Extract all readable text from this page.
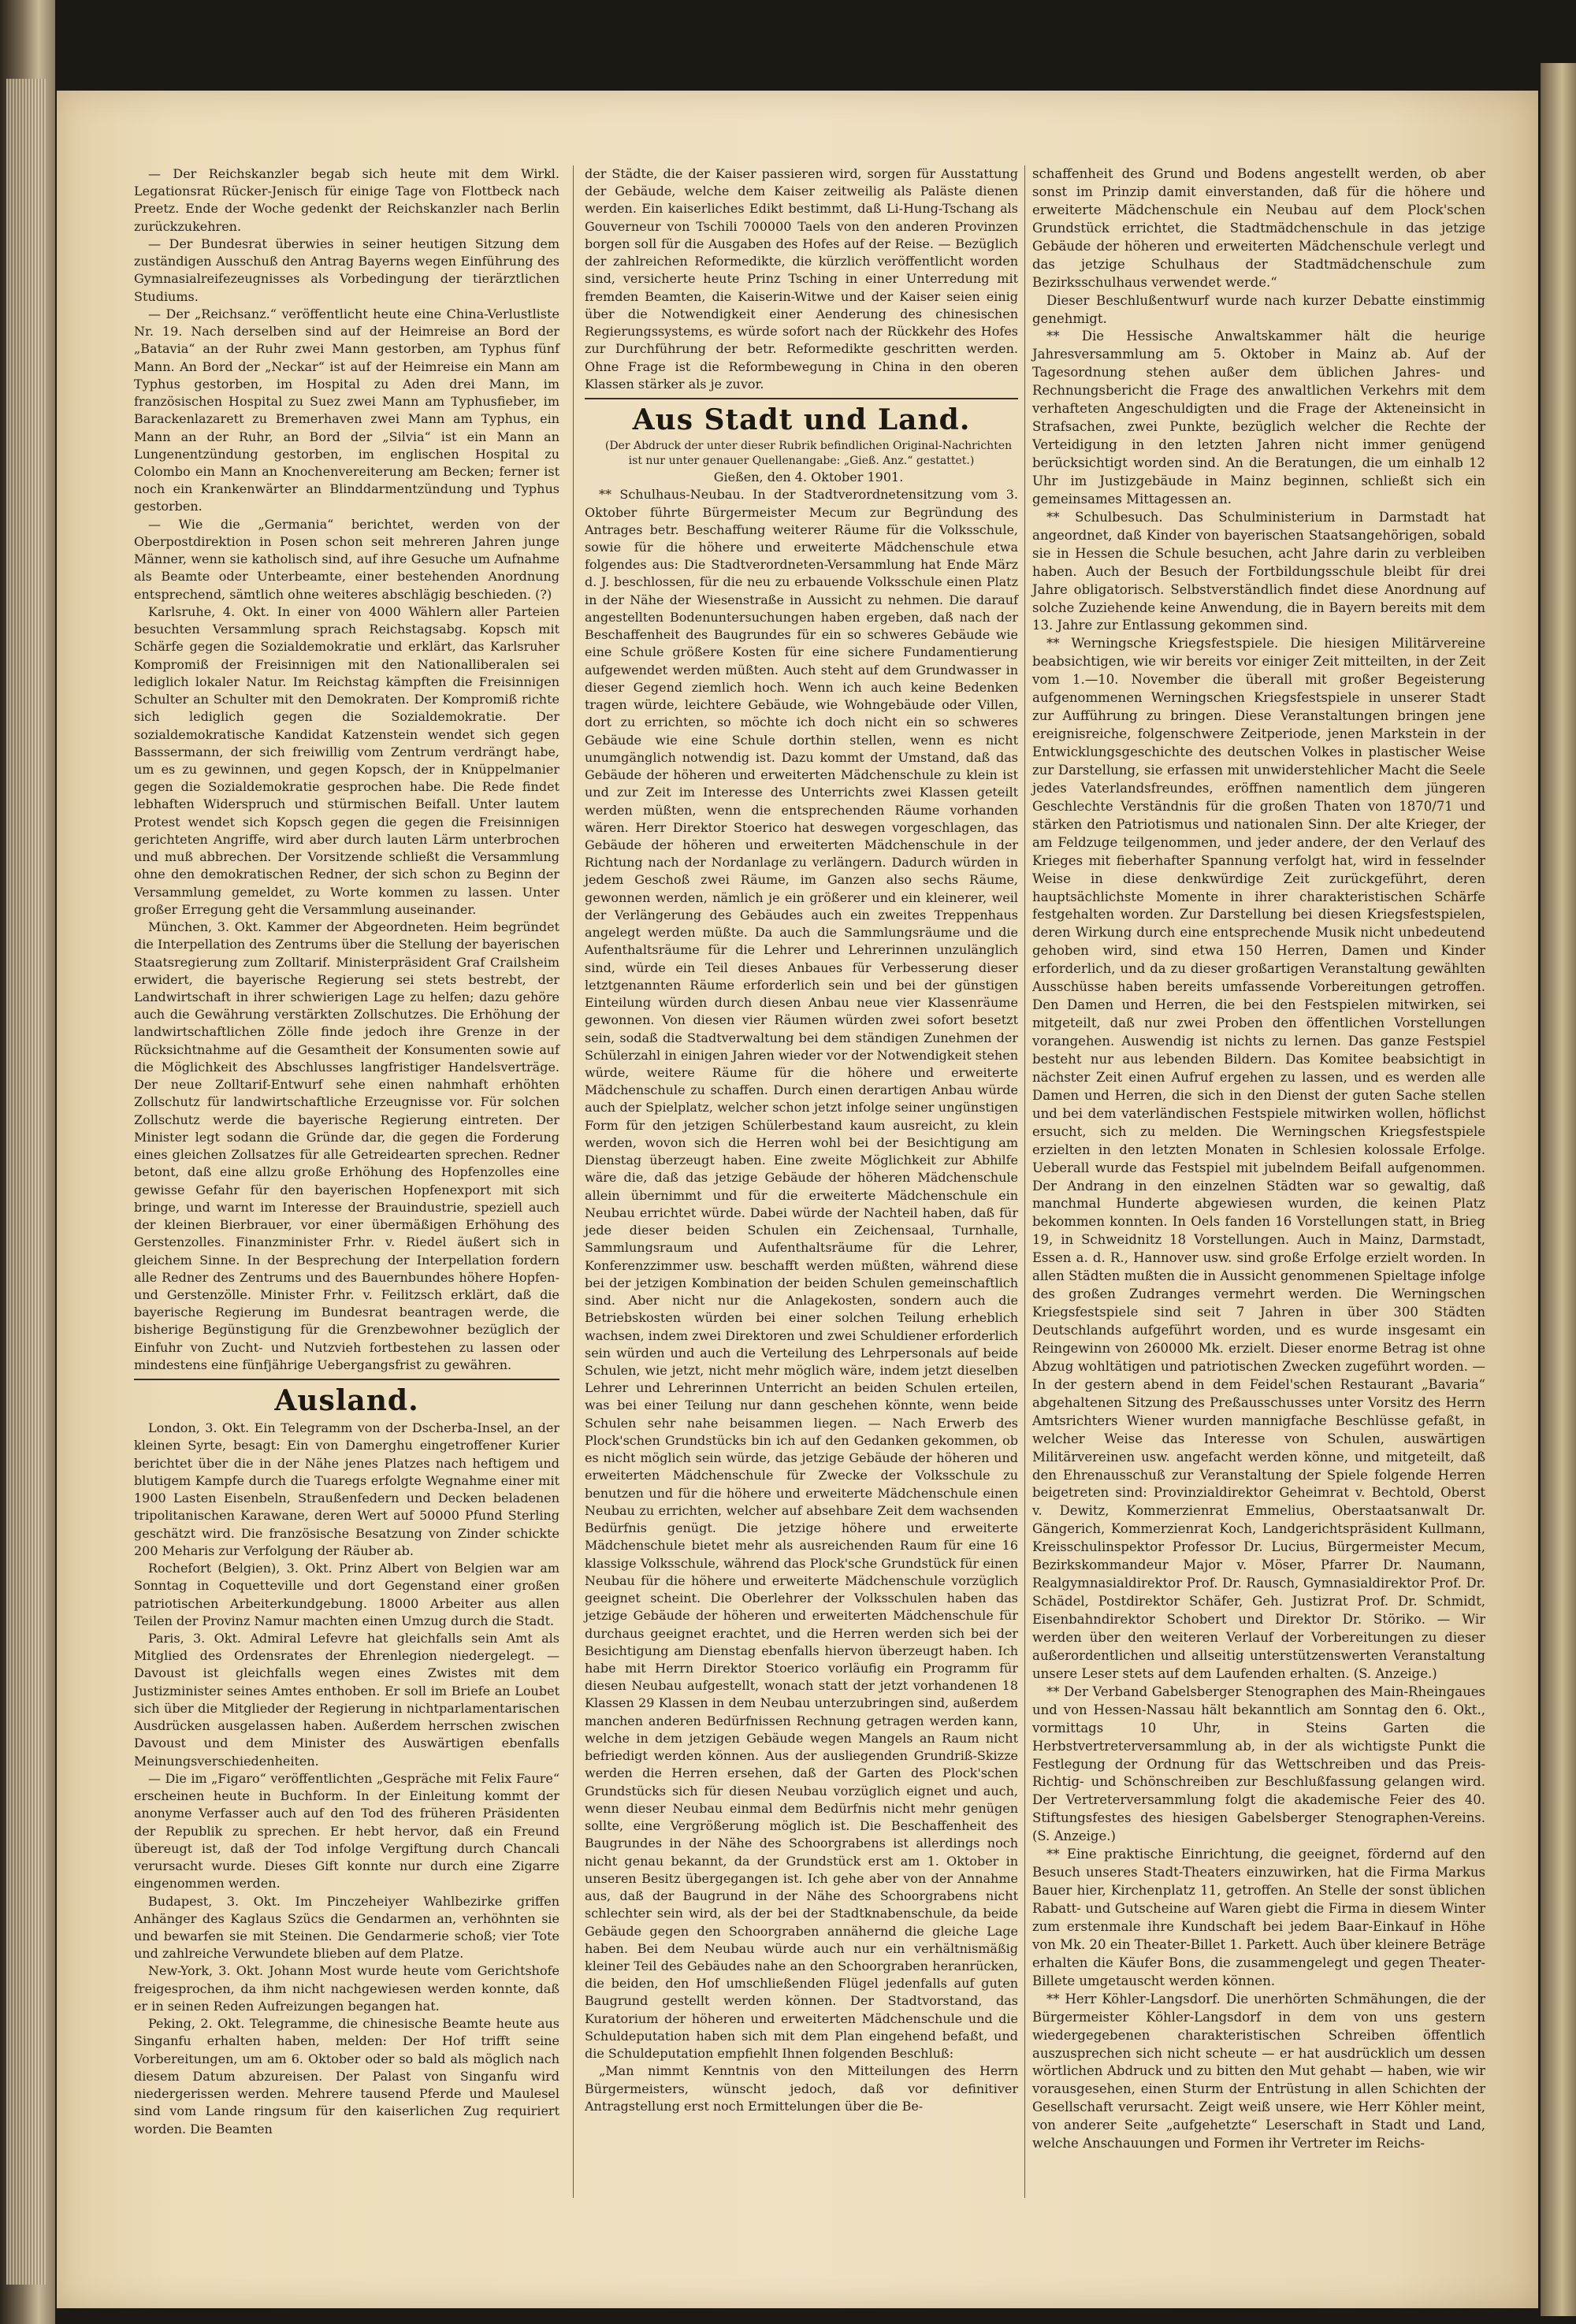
— Der Reichskanzler begab sich heute mit dem Wirkl. Legationsrat Rücker-Jenisch für einige Tage von Flottbeck nach Preetz. Ende der Woche gedenkt der Reichskanzler nach Berlin zurückzukehren.

— Der Bundesrat überwies in seiner heutigen Sitzung dem zuständigen Ausschuß den Antrag Bayerns wegen Einführung des Gymnasialreifezeugnisses als Vorbedingung der tierärztlichen Studiums.

— Der „Reichsanz.“ veröffentlicht heute eine China-Verlustliste Nr. 19. Nach derselben sind auf der Heimreise an Bord der „Batavia“ an der Ruhr zwei Mann gestorben, am Typhus fünf Mann. An Bord der „Neckar“ ist auf der Heimreise ein Mann am Typhus gestorben, im Hospital zu Aden drei Mann, im französischen Hospital zu Suez zwei Mann am Typhusfieber, im Barackenlazarett zu Bremerhaven zwei Mann am Typhus, ein Mann an der Ruhr, an Bord der „Silvia“ ist ein Mann an Lungenentzündung gestorben, im englischen Hospital zu Colombo ein Mann an Knochenvereiterung am Becken; ferner ist noch ein Krankenwärter an Blinddarmentzündung und Typhus gestorben.

— Wie die „Germania“ berichtet, werden von der Oberpostdirektion in Posen schon seit mehreren Jahren junge Männer, wenn sie katholisch sind, auf ihre Gesuche um Aufnahme als Beamte oder Unterbeamte, einer bestehenden Anordnung entsprechend, sämtlich ohne weiteres abschlägig beschieden. (?)

Karlsruhe, 4. Okt. In einer von 4000 Wählern aller Parteien besuchten Versammlung sprach Reichstagsabg. Kopsch mit Schärfe gegen die Sozialdemokratie und erklärt, das Karlsruher Kompromiß der Freisinnigen mit den Nationalliberalen sei lediglich lokaler Natur. Im Reichstag kämpften die Freisinnigen Schulter an Schulter mit den Demokraten. Der Kompromiß richte sich lediglich gegen die Sozialdemokratie. Der sozialdemokratische Kandidat Katzenstein wendet sich gegen Basssermann, der sich freiwillig vom Zentrum verdrängt habe, um es zu gewinnen, und gegen Kopsch, der in Knüppelmanier gegen die Sozialdemokratie gesprochen habe. Die Rede findet lebhaften Widerspruch und stürmischen Beifall. Unter lautem Protest wendet sich Kopsch gegen die gegen die Freisinnigen gerichteten Angriffe, wird aber durch lauten Lärm unterbrochen und muß abbrechen. Der Vorsitzende schließt die Versammlung ohne den demokratischen Redner, der sich schon zu Beginn der Versammlung gemeldet, zu Worte kommen zu lassen. Unter großer Erregung geht die Versammlung auseinander.

München, 3. Okt. Kammer der Abgeordneten. Heim begründet die Interpellation des Zentrums über die Stellung der bayerischen Staatsregierung zum Zolltarif. Ministerpräsident Graf Crailsheim erwidert, die bayerische Regierung sei stets bestrebt, der Landwirtschaft in ihrer schwierigen Lage zu helfen; dazu gehöre auch die Gewährung verstärkten Zollschutzes. Die Erhöhung der landwirtschaftlichen Zölle finde jedoch ihre Grenze in der Rücksichtnahme auf die Gesamtheit der Konsumenten sowie auf die Möglichkeit des Abschlusses langfristiger Handelsverträge. Der neue Zolltarif-Entwurf sehe einen nahmhaft erhöhten Zollschutz für landwirtschaftliche Erzeugnisse vor. Für solchen Zollschutz werde die bayerische Regierung eintreten. Der Minister legt sodann die Gründe dar, die gegen die Forderung eines gleichen Zollsatzes für alle Getreidearten sprechen. Redner betont, daß eine allzu große Erhöhung des Hopfenzolles eine gewisse Gefahr für den bayerischen Hopfenexport mit sich bringe, und warnt im Interesse der Brauindustrie, speziell auch der kleinen Bierbrauer, vor einer übermäßigen Erhöhung des Gerstenzolles. Finanzminister Frhr. v. Riedel äußert sich in gleichem Sinne. In der Besprechung der Interpellation fordern alle Redner des Zentrums und des Bauernbundes höhere Hopfen- und Gerstenzölle. Minister Frhr. v. Feilitzsch erklärt, daß die bayerische Regierung im Bundesrat beantragen werde, die bisherige Begünstigung für die Grenzbewohner bezüglich der Einfuhr von Zucht- und Nutzvieh fortbestehen zu lassen oder mindestens eine fünfjährige Uebergangsfrist zu gewähren.

Ausland.

London, 3. Okt. Ein Telegramm von der Dscherba-Insel, an der kleinen Syrte, besagt: Ein von Damerghu eingetroffener Kurier berichtet über die in der Nähe jenes Platzes nach heftigem und blutigem Kampfe durch die Tuaregs erfolgte Wegnahme einer mit 1900 Lasten Eisenbeln, Straußenfedern und Decken beladenen tripolitanischen Karawane, deren Wert auf 50000 Pfund Sterling geschätzt wird. Die französische Besatzung von Zinder schickte 200 Meharis zur Verfolgung der Räuber ab.

Rochefort (Belgien), 3. Okt. Prinz Albert von Belgien war am Sonntag in Coquetteville und dort Gegenstand einer großen patriotischen Arbeiterkundgebung. 18000 Arbeiter aus allen Teilen der Provinz Namur machten einen Umzug durch die Stadt.

Paris, 3. Okt. Admiral Lefevre hat gleichfalls sein Amt als Mitglied des Ordensrates der Ehrenlegion niedergelegt. — Davoust ist gleichfalls wegen eines Zwistes mit dem Justizminister seines Amtes enthoben. Er soll im Briefe an Loubet sich über die Mitglieder der Regierung in nichtparlamentarischen Ausdrücken ausgelassen haben. Außerdem herrschen zwischen Davoust und dem Minister des Auswärtigen ebenfalls Meinungsverschiedenheiten.

— Die im „Figaro“ veröffentlichten „Gespräche mit Felix Faure“ erscheinen heute in Buchform. In der Einleitung kommt der anonyme Verfasser auch auf den Tod des früheren Präsidenten der Republik zu sprechen. Er hebt hervor, daß ein Freund übereugt ist, daß der Tod infolge Vergiftung durch Chancali verursacht wurde. Dieses Gift konnte nur durch eine Zigarre eingenommen werden.

Budapest, 3. Okt. Im Pinczeheiyer Wahlbezirke griffen Anhänger des Kaglaus Szücs die Gendarmen an, verhöhnten sie und bewarfen sie mit Steinen. Die Gendarmerie schoß; vier Tote und zahlreiche Verwundete blieben auf dem Platze.

New-York, 3. Okt. Johann Most wurde heute vom Gerichtshofe freigesprochen, da ihm nicht nachgewiesen werden konnte, daß er in seinen Reden Aufreizungen begangen hat.

Peking, 2. Okt. Telegramme, die chinesische Beamte heute aus Singanfu erhalten haben, melden: Der Hof trifft seine Vorbereitungen, um am 6. Oktober oder so bald als möglich nach diesem Datum abzureisen. Der Palast von Singanfu wird niedergerissen werden. Mehrere tausend Pferde und Maulesel sind vom Lande ringsum für den kaiserlichen Zug requiriert worden. Die Beamten

der Städte, die der Kaiser passieren wird, sorgen für Ausstattung der Gebäude, welche dem Kaiser zeitweilig als Paläste dienen werden. Ein kaiserliches Edikt bestimmt, daß Li-Hung-Tschang als Gouverneur von Tschili 700000 Taels von den anderen Provinzen borgen soll für die Ausgaben des Hofes auf der Reise. — Bezüglich der zahlreichen Reformedikte, die kürzlich veröffentlicht worden sind, versicherte heute Prinz Tsching in einer Unterredung mit fremden Beamten, die Kaiserin-Witwe und der Kaiser seien einig über die Notwendigkeit einer Aenderung des chinesischen Regierungssystems, es würde sofort nach der Rückkehr des Hofes zur Durchführung der betr. Reformedikte geschritten werden. Ohne Frage ist die Reformbewegung in China in den oberen Klassen stärker als je zuvor.

Aus Stadt und Land.

(Der Abdruck der unter dieser Rubrik befindlichen Original-Nachrichten ist nur unter genauer Quellenangabe: „Gieß. Anz.“ gestattet.)

Gießen, den 4. Oktober 1901.

** Schulhaus-Neubau. In der Stadtverordnetensitzung vom 3. Oktober führte Bürgermeister Mecum zur Begründung des Antrages betr. Beschaffung weiterer Räume für die Volksschule, sowie für die höhere und erweiterte Mädchenschule etwa folgendes aus: Die Stadtverordneten-Versammlung hat Ende März d. J. beschlossen, für die neu zu erbauende Volksschule einen Platz in der Nähe der Wiesenstraße in Aussicht zu nehmen. Die darauf angestellten Bodenuntersuchungen haben ergeben, daß nach der Beschaffenheit des Baugrundes für ein so schweres Gebäude wie eine Schule größere Kosten für eine sichere Fundamentierung aufgewendet werden müßten. Auch steht auf dem Grundwasser in dieser Gegend ziemlich hoch. Wenn ich auch keine Bedenken tragen würde, leichtere Gebäude, wie Wohngebäude oder Villen, dort zu errichten, so möchte ich doch nicht ein so schweres Gebäude wie eine Schule dorthin stellen, wenn es nicht unumgänglich notwendig ist. Dazu kommt der Umstand, daß das Gebäude der höheren und erweiterten Mädchenschule zu klein ist und zur Zeit im Interesse des Unterrichts zwei Klassen geteilt werden müßten, wenn die entsprechenden Räume vorhanden wären. Herr Direktor Stoerico hat deswegen vorgeschlagen, das Gebäude der höheren und erweiterten Mädchenschule in der Richtung nach der Nordanlage zu verlängern. Dadurch würden in jedem Geschoß zwei Räume, im Ganzen also sechs Räume, gewonnen werden, nämlich je ein größerer und ein kleinerer, weil der Verlängerung des Gebäudes auch ein zweites Treppenhaus angelegt werden müßte. Da auch die Sammlungsräume und die Aufenthaltsräume für die Lehrer und Lehrerinnen unzulänglich sind, würde ein Teil dieses Anbaues für Verbesserung dieser letztgenannten Räume erforderlich sein und bei der günstigen Einteilung würden durch diesen Anbau neue vier Klassenräume gewonnen. Von diesen vier Räumen würden zwei sofort besetzt sein, sodaß die Stadtverwaltung bei dem ständigen Zunehmen der Schülerzahl in einigen Jahren wieder vor der Notwendigkeit stehen würde, weitere Räume für die höhere und erweiterte Mädchenschule zu schaffen. Durch einen derartigen Anbau würde auch der Spielplatz, welcher schon jetzt infolge seiner ungünstigen Form für den jetzigen Schülerbestand kaum ausreicht, zu klein werden, wovon sich die Herren wohl bei der Besichtigung am Dienstag überzeugt haben. Eine zweite Möglichkeit zur Abhilfe wäre die, daß das jetzige Gebäude der höheren Mädchenschule allein übernimmt und für die erweiterte Mädchenschule ein Neubau errichtet würde. Dabei würde der Nachteil haben, daß für jede dieser beiden Schulen ein Zeichensaal, Turnhalle, Sammlungsraum und Aufenthaltsräume für die Lehrer, Konferenzzimmer usw. beschafft werden müßten, während diese bei der jetzigen Kombination der beiden Schulen gemeinschaftlich sind. Aber nicht nur die Anlagekosten, sondern auch die Betriebskosten würden bei einer solchen Teilung erheblich wachsen, indem zwei Direktoren und zwei Schuldiener erforderlich sein würden und auch die Verteilung des Lehrpersonals auf beide Schulen, wie jetzt, nicht mehr möglich wäre, indem jetzt dieselben Lehrer und Lehrerinnen Unterricht an beiden Schulen erteilen, was bei einer Teilung nur dann geschehen könnte, wenn beide Schulen sehr nahe beisammen liegen. — Nach Erwerb des Plock'schen Grundstücks bin ich auf den Gedanken gekommen, ob es nicht möglich sein würde, das jetzige Gebäude der höheren und erweiterten Mädchenschule für Zwecke der Volksschule zu benutzen und für die höhere und erweiterte Mädchenschule einen Neubau zu errichten, welcher auf absehbare Zeit dem wachsenden Bedürfnis genügt. Die jetzige höhere und erweiterte Mädchenschule bietet mehr als ausreichenden Raum für eine 16 klassige Volksschule, während das Plock'sche Grundstück für einen Neubau für die höhere und erweiterte Mädchenschule vorzüglich geeignet scheint. Die Oberlehrer der Volksschulen haben das jetzige Gebäude der höheren und erweiterten Mädchenschule für durchaus geeignet erachtet, und die Herren werden sich bei der Besichtigung am Dienstag ebenfalls hiervon überzeugt haben. Ich habe mit Herrn Direktor Stoerico vorläufig ein Programm für diesen Neubau aufgestellt, wonach statt der jetzt vorhandenen 18 Klassen 29 Klassen in dem Neubau unterzubringen sind, außerdem manchen anderen Bedürfnissen Rechnung getragen werden kann, welche in dem jetzigen Gebäude wegen Mangels an Raum nicht befriedigt werden können. Aus der ausliegenden Grundriß-Skizze werden die Herren ersehen, daß der Garten des Plock'schen Grundstücks sich für diesen Neubau vorzüglich eignet und auch, wenn dieser Neubau einmal dem Bedürfnis nicht mehr genügen sollte, eine Vergrößerung möglich ist. Die Beschaffenheit des Baugrundes in der Nähe des Schoorgrabens ist allerdings noch nicht genau bekannt, da der Grundstück erst am 1. Oktober in unseren Besitz übergegangen ist. Ich gehe aber von der Annahme aus, daß der Baugrund in der Nähe des Schoorgrabens nicht schlechter sein wird, als der bei der Stadtknabenschule, da beide Gebäude gegen den Schoorgraben annähernd die gleiche Lage haben. Bei dem Neubau würde auch nur ein verhältnismäßig kleiner Teil des Gebäudes nahe an den Schoorgraben heranrücken, die beiden, den Hof umschließenden Flügel jedenfalls auf guten Baugrund gestellt werden können. Der Stadtvorstand, das Kuratorium der höheren und erweiterten Mädchenschule und die Schuldeputation haben sich mit dem Plan eingehend befaßt, und die Schuldeputation empfiehlt Ihnen folgenden Beschluß:

„Man nimmt Kenntnis von den Mitteilungen des Herrn Bürgermeisters, wünscht jedoch, daß vor definitiver Antragstellung erst noch Ermittelungen über die Be-

schaffenheit des Grund und Bodens angestellt werden, ob aber sonst im Prinzip damit einverstanden, daß für die höhere und erweiterte Mädchenschule ein Neubau auf dem Plock'schen Grundstück errichtet, die Stadtmädchenschule in das jetzige Gebäude der höheren und erweiterten Mädchenschule verlegt und das jetzige Schulhaus der Stadtmädchenschule zum Bezirksschulhaus verwendet werde.“

Dieser Beschlußentwurf wurde nach kurzer Debatte einstimmig genehmigt.

** Die Hessische Anwaltskammer hält die heurige Jahresversammlung am 5. Oktober in Mainz ab. Auf der Tagesordnung stehen außer dem üblichen Jahres- und Rechnungsbericht die Frage des anwaltlichen Verkehrs mit dem verhafteten Angeschuldigten und die Frage der Akteneinsicht in Strafsachen, zwei Punkte, bezüglich welcher die Rechte der Verteidigung in den letzten Jahren nicht immer genügend berücksichtigt worden sind. An die Beratungen, die um einhalb 12 Uhr im Justizgebäude in Mainz beginnen, schließt sich ein gemeinsames Mittagessen an.

** Schulbesuch. Das Schulministerium in Darmstadt hat angeordnet, daß Kinder von bayerischen Staatsangehörigen, sobald sie in Hessen die Schule besuchen, acht Jahre darin zu verbleiben haben. Auch der Besuch der Fortbildungsschule bleibt für drei Jahre obligatorisch. Selbstverständlich findet diese Anordnung auf solche Zuziehende keine Anwendung, die in Bayern bereits mit dem 13. Jahre zur Entlassung gekommen sind.

** Werningsche Kriegsfestspiele. Die hiesigen Militärvereine beabsichtigen, wie wir bereits vor einiger Zeit mitteilten, in der Zeit vom 1.—10. November die überall mit großer Begeisterung aufgenommenen Werningschen Kriegsfestspiele in unserer Stadt zur Aufführung zu bringen. Diese Veranstaltungen bringen jene ereignisreiche, folgenschwere Zeitperiode, jenen Markstein in der Entwicklungsgeschichte des deutschen Volkes in plastischer Weise zur Darstellung, sie erfassen mit unwiderstehlicher Macht die Seele jedes Vaterlandsfreundes, eröffnen namentlich dem jüngeren Geschlechte Verständnis für die großen Thaten von 1870/71 und stärken den Patriotismus und nationalen Sinn. Der alte Krieger, der am Feldzuge teilgenommen, und jeder andere, der den Verlauf des Krieges mit fieberhafter Spannung verfolgt hat, wird in fesselnder Weise in diese denkwürdige Zeit zurückgeführt, deren hauptsächlichste Momente in ihrer charakteristischen Schärfe festgehalten worden. Zur Darstellung bei diesen Kriegsfestspielen, deren Wirkung durch eine entsprechende Musik nicht unbedeutend gehoben wird, sind etwa 150 Herren, Damen und Kinder erforderlich, und da zu dieser großartigen Veranstaltung gewählten Ausschüsse haben bereits umfassende Vorbereitungen getroffen. Den Damen und Herren, die bei den Festspielen mitwirken, sei mitgeteilt, daß nur zwei Proben den öffentlichen Vorstellungen vorangehen. Auswendig ist nichts zu lernen. Das ganze Festspiel besteht nur aus lebenden Bildern. Das Komitee beabsichtigt in nächster Zeit einen Aufruf ergehen zu lassen, und es werden alle Damen und Herren, die sich in den Dienst der guten Sache stellen und bei dem vaterländischen Festspiele mitwirken wollen, höflichst ersucht, sich zu melden. Die Werningschen Kriegsfestspiele erzielten in den letzten Monaten in Schlesien kolossale Erfolge. Ueberall wurde das Festspiel mit jubelndem Beifall aufgenommen. Der Andrang in den einzelnen Städten war so gewaltig, daß manchmal Hunderte abgewiesen wurden, die keinen Platz bekommen konnten. In Oels fanden 16 Vorstellungen statt, in Brieg 19, in Schweidnitz 18 Vorstellungen. Auch in Mainz, Darmstadt, Essen a. d. R., Hannover usw. sind große Erfolge erzielt worden. In allen Städten mußten die in Aussicht genommenen Spieltage infolge des großen Zudranges vermehrt werden. Die Werningschen Kriegsfestspiele sind seit 7 Jahren in über 300 Städten Deutschlands aufgeführt worden, und es wurde insgesamt ein Reingewinn von 260000 Mk. erzielt. Dieser enorme Betrag ist ohne Abzug wohltätigen und patriotischen Zwecken zugeführt worden. — In der gestern abend in dem Feidel'schen Restaurant „Bavaria“ abgehaltenen Sitzung des Preßausschusses unter Vorsitz des Herrn Amtsrichters Wiener wurden mannigfache Beschlüsse gefaßt, in welcher Weise das Interesse von Schulen, auswärtigen Militärvereinen usw. angefacht werden könne, und mitgeteilt, daß den Ehrenausschuß zur Veranstaltung der Spiele folgende Herren beigetreten sind: Provinzialdirektor Geheimrat v. Bechtold, Oberst v. Dewitz, Kommerzienrat Emmelius, Oberstaatsanwalt Dr. Gängerich, Kommerzienrat Koch, Landgerichtspräsident Kullmann, Kreisschulinspektor Professor Dr. Lucius, Bürgermeister Mecum, Bezirkskommandeur Major v. Möser, Pfarrer Dr. Naumann, Realgymnasialdirektor Prof. Dr. Rausch, Gymnasialdirektor Prof. Dr. Schädel, Postdirektor Schäfer, Geh. Justizrat Prof. Dr. Schmidt, Eisenbahndirektor Schobert und Direktor Dr. Störiko. — Wir werden über den weiteren Verlauf der Vorbereitungen zu dieser außerordentlichen und allseitig unterstützenswerten Veranstaltung unsere Leser stets auf dem Laufenden erhalten. (S. Anzeige.)

** Der Verband Gabelsberger Stenographen des Main-Rheingaues und von Hessen-Nassau hält bekanntlich am Sonntag den 6. Okt., vormittags 10 Uhr, in Steins Garten die Herbstvertreterversammlung ab, in der als wichtigste Punkt die Festlegung der Ordnung für das Wettschreiben und das Preis-Richtig- und Schönschreiben zur Beschlußfassung gelangen wird. Der Vertreterversammlung folgt die akademische Feier des 40. Stiftungsfestes des hiesigen Gabelsberger Stenographen-Vereins. (S. Anzeige.)

** Eine praktische Einrichtung, die geeignet, fördernd auf den Besuch unseres Stadt-Theaters einzuwirken, hat die Firma Markus Bauer hier, Kirchenplatz 11, getroffen. An Stelle der sonst üblichen Rabatt- und Gutscheine auf Waren giebt die Firma in diesem Winter zum erstenmale ihre Kundschaft bei jedem Baar-Einkauf in Höhe von Mk. 20 ein Theater-Billet 1. Parkett. Auch über kleinere Beträge erhalten die Käufer Bons, die zusammengelegt und gegen Theater-Billete umgetauscht werden können.

** Herr Köhler-Langsdorf. Die unerhörten Schmähungen, die der Bürgermeister Köhler-Langsdorf in dem von uns gestern wiedergegebenen charakteristischen Schreiben öffentlich auszusprechen sich nicht scheute — er hat ausdrücklich um dessen wörtlichen Abdruck und zu bitten den Mut gehabt — haben, wie wir vorausgesehen, einen Sturm der Entrüstung in allen Schichten der Gesellschaft verursacht. Zeigt weiß unsere, wie Herr Köhler meint, von anderer Seite „aufgehetzte“ Leserschaft in Stadt und Land, welche Anschauungen und Formen ihr Vertreter im Reichs-
